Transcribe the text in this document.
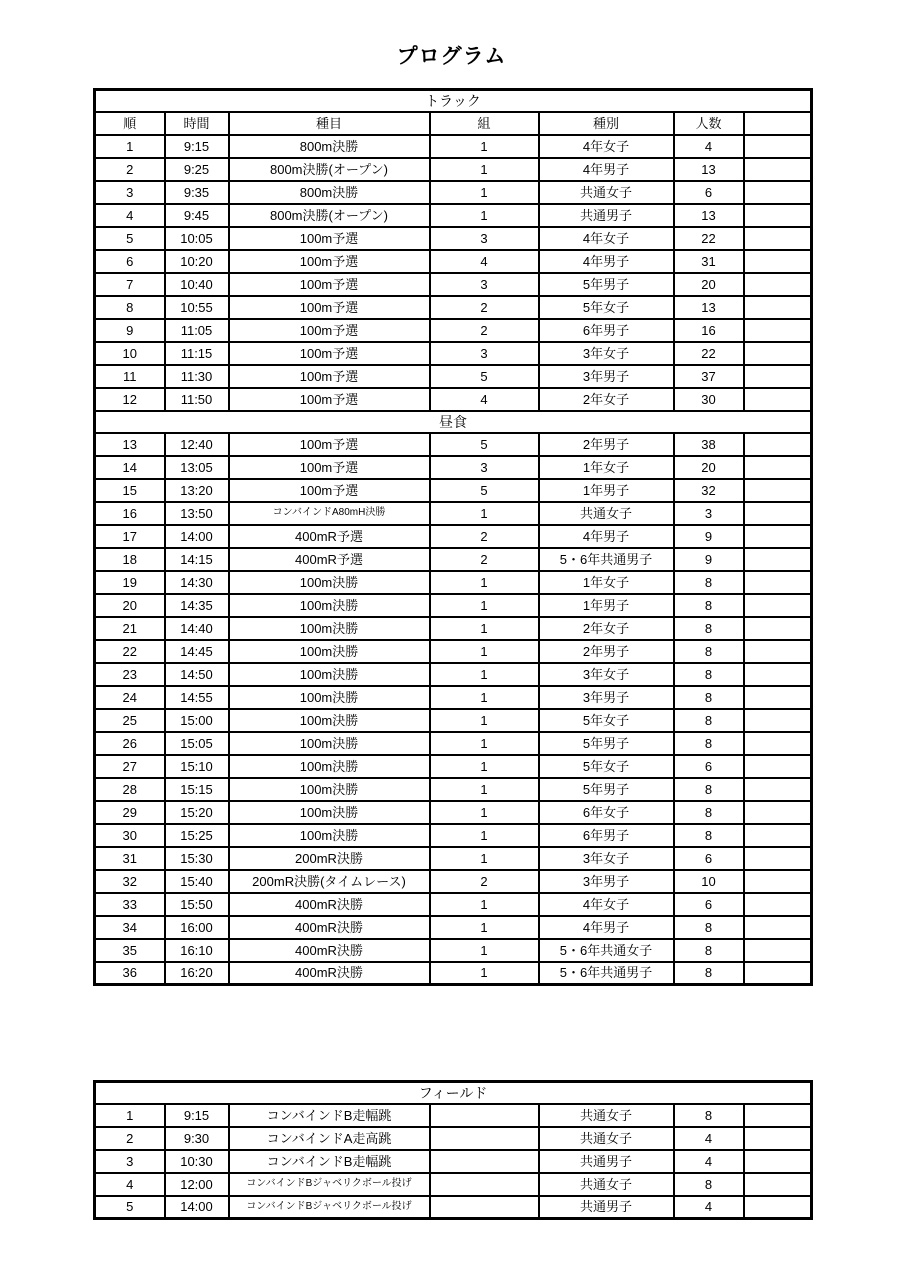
プログラム
トラック						
順	時間	種目	組	種別	人数	
1	9:15	800m決勝	1	4年女子	4	
2	9:25	800m決勝(オープン)	1	4年男子	13	
3	9:35	800m決勝	1	共通女子	6	
4	9:45	800m決勝(オープン)	1	共通男子	13	
5	10:05	100m予選	3	4年女子	22	
6	10:20	100m予選	4	4年男子	31	
7	10:40	100m予選	3	5年男子	20	
8	10:55	100m予選	2	5年女子	13	
9	11:05	100m予選	2	6年男子	16	
10	11:15	100m予選	3	3年女子	22	
11	11:30	100m予選	5	3年男子	37	
12	11:50	100m予選	4	2年女子	30	
昼食						
13	12:40	100m予選	5	2年男子	38	
14	13:05	100m予選	3	1年女子	20	
15	13:20	100m予選	5	1年男子	32	
16	13:50	コンバインドA80mH決勝	1	共通女子	3	
17	14:00	400mR予選	2	4年男子	9	
18	14:15	400mR予選	2	5・6年共通男子	9	
19	14:30	100m決勝	1	1年女子	8	
20	14:35	100m決勝	1	1年男子	8	
21	14:40	100m決勝	1	2年女子	8	
22	14:45	100m決勝	1	2年男子	8	
23	14:50	100m決勝	1	3年女子	8	
24	14:55	100m決勝	1	3年男子	8	
25	15:00	100m決勝	1	5年女子	8	
26	15:05	100m決勝	1	5年男子	8	
27	15:10	100m決勝	1	5年女子	6	
28	15:15	100m決勝	1	5年男子	8	
29	15:20	100m決勝	1	6年女子	8	
30	15:25	100m決勝	1	6年男子	8	
31	15:30	200mR決勝	1	3年女子	6	
32	15:40	200mR決勝(タイムレース)	2	3年男子	10	
33	15:50	400mR決勝	1	4年女子	6	
34	16:00	400mR決勝	1	4年男子	8	
35	16:10	400mR決勝	1	5・6年共通女子	8	
36	16:20	400mR決勝	1	5・6年共通男子	8	
フィールド						
1	9:15	コンバインドB走幅跳		共通女子	8	
2	9:30	コンバインドA走高跳		共通女子	4	
3	10:30	コンバインドB走幅跳		共通男子	4	
4	12:00	コンバインドBジャベリクボール投げ		共通女子	8	
5	14:00	コンバインドBジャベリクボール投げ		共通男子	4	
